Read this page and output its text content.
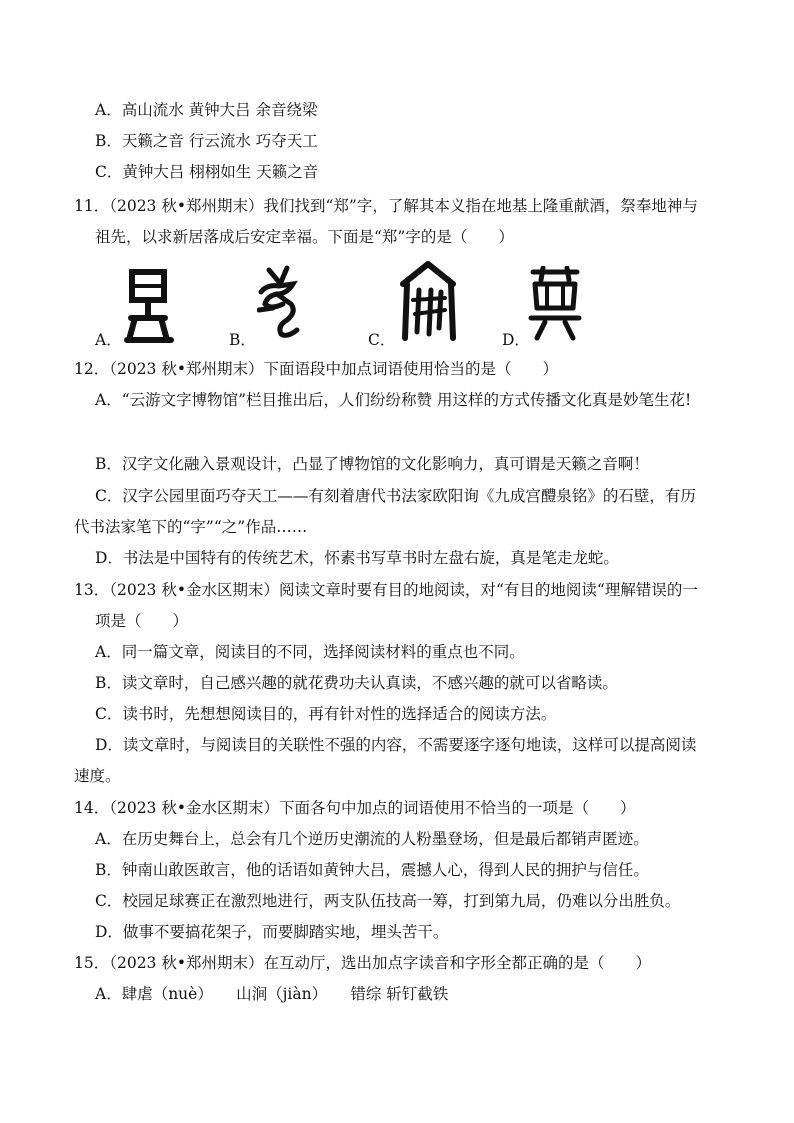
A．高山流水 黄钟大吕 余音绕梁
B．天籁之音 行云流水 巧夺天工
C．黄钟大吕 栩栩如生 天籁之音
11．（2023 秋•郑州期末）我们找到“郑”字，了解其本义指在地基上隆重献酒，祭奉地神与
祖先，以求新居落成后安定幸福。下面是“郑”字的是（　　）
A．	B．	C．	D．
12．（2023 秋•郑州期末）下面语段中加点词语使用恰当的是（　　）
A．“云游文字博物馆”栏目推出后，人们纷纷称赞 用这样的方式传播文化真是妙笔生花!
B．汉字文化融入景观设计，凸显了博物馆的文化影响力，真可谓是天籁之音啊！
C．汉字公园里面巧夺天工——有刻着唐代书法家欧阳询《九成宫醴泉铭》的石壁，有历
代书法家笔下的“字”“之”作品……
D．书法是中国特有的传统艺术，怀素书写草书时左盘右旋，真是笔走龙蛇。
13．（2023 秋•金水区期末）阅读文章时要有目的地阅读，对“有目的地阅读“理解错误的一
项是（　　）
A．同一篇文章，阅读目的不同，选择阅读材料的重点也不同。
B．读文章时，自己感兴趣的就花费功夫认真读，不感兴趣的就可以省略读。
C．读书时，先想想阅读目的，再有针对性的选择适合的阅读方法。
D．读文章时，与阅读目的关联性不强的内容，不需要逐字逐句地读，这样可以提高阅读
速度。
14．（2023 秋•金水区期末）下面各句中加点的词语使用不恰当的一项是（　　）
A．在历史舞台上，总会有几个逆历史潮流的人粉墨登场，但是最后都销声匿迹。
B．钟南山敢医敢言，他的话语如黄钟大吕，震撼人心，得到人民的拥护与信任。
C．校园足球赛正在激烈地进行，两支队伍技高一筹，打到第九局，仍难以分出胜负。
D．做事不要搞花架子，而要脚踏实地，埋头苦干。
15．（2023 秋•郑州期末）在互动厅，选出加点字读音和字形全都正确的是（　　）
A．肆虐（nuè）　　山涧（jiàn）　　错综 斩钉截铁
